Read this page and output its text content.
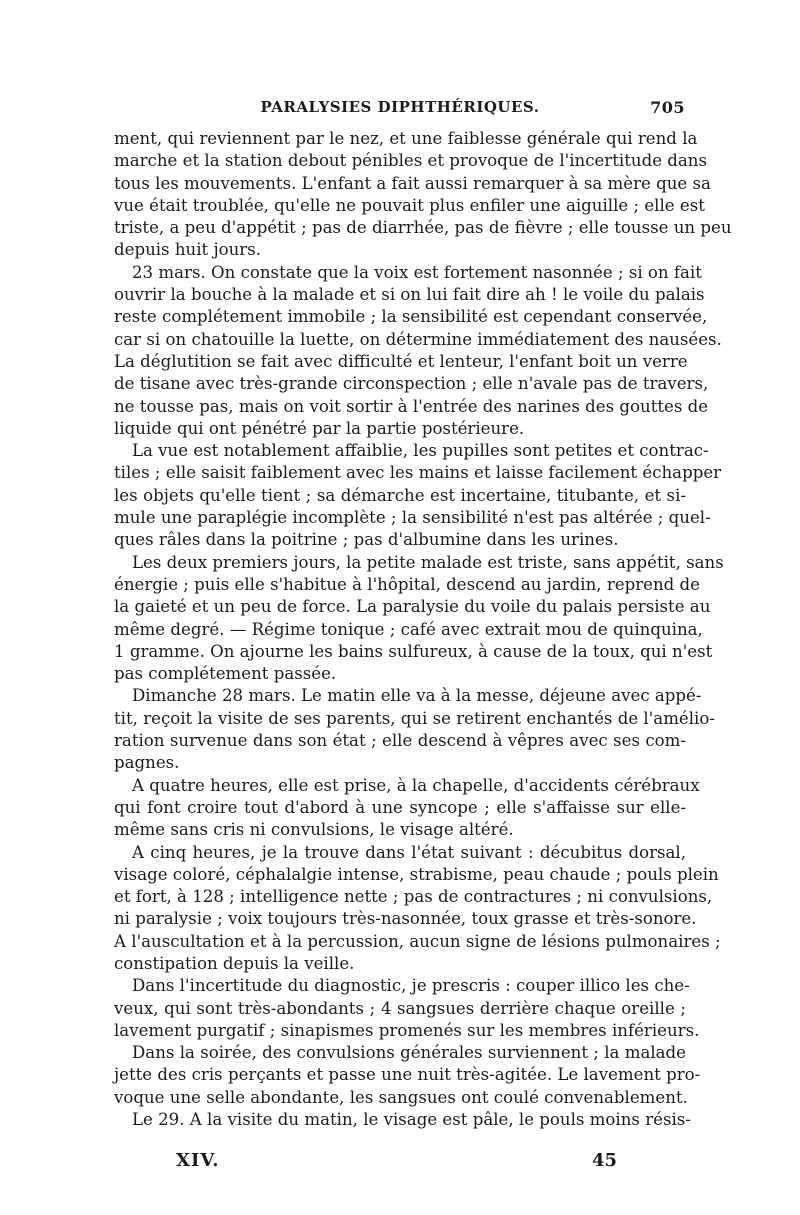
PARALYSIES DIPHTHÉRIQUES.	705
ment, qui reviennent par le nez, et une faiblesse générale qui rend la
marche et la station debout pénibles et provoque de l'incertitude dans
tous les mouvements. L'enfant a fait aussi remarquer à sa mère que sa
vue était troublée, qu'elle ne pouvait plus enfiler une aiguille ; elle est
triste, a peu d'appétit ; pas de diarrhée, pas de fièvre ; elle tousse un peu
depuis huit jours.
23 mars. On constate que la voix est fortement nasonnée ; si on fait
ouvrir la bouche à la malade et si on lui fait dire ah ! le voile du palais
reste complétement immobile ; la sensibilité est cependant conservée,
car si on chatouille la luette, on détermine immédiatement des nausées.
La déglutition se fait avec difficulté et lenteur, l'enfant boit un verre
de tisane avec très-grande circonspection ; elle n'avale pas de travers,
ne tousse pas, mais on voit sortir à l'entrée des narines des gouttes de
liquide qui ont pénétré par la partie postérieure.
La vue est notablement affaiblie, les pupilles sont petites et contrac-
tiles ; elle saisit faiblement avec les mains et laisse facilement échapper
les objets qu'elle tient ; sa démarche est incertaine, titubante, et si-
mule une paraplégie incomplète ; la sensibilité n'est pas altérée ; quel-
ques râles dans la poitrine ; pas d'albumine dans les urines.
Les deux premiers jours, la petite malade est triste, sans appétit, sans
énergie ; puis elle s'habitue à l'hôpital, descend au jardin, reprend de
la gaieté et un peu de force. La paralysie du voile du palais persiste au
même degré. — Régime tonique ; café avec extrait mou de quinquina,
1 gramme. On ajourne les bains sulfureux, à cause de la toux, qui n'est
pas complétement passée.
Dimanche 28 mars. Le matin elle va à la messe, déjeune avec appé-
tit, reçoit la visite de ses parents, qui se retirent enchantés de l'amélio-
ration survenue dans son état ; elle descend à vêpres avec ses com-
pagnes.
A quatre heures, elle est prise, à la chapelle, d'accidents cérébraux
qui font croire tout d'abord à une syncope ; elle s'affaisse sur elle-
même sans cris ni convulsions, le visage altéré.
A cinq heures, je la trouve dans l'état suivant : décubitus dorsal,
visage coloré, céphalalgie intense, strabisme, peau chaude ; pouls plein
et fort, à 128 ; intelligence nette ; pas de contractures ; ni convulsions,
ni paralysie ; voix toujours très-nasonnée, toux grasse et très-sonore.
A l'auscultation et à la percussion, aucun signe de lésions pulmonaires ;
constipation depuis la veille.
Dans l'incertitude du diagnostic, je prescris : couper illico les che-
veux, qui sont très-abondants ; 4 sangsues derrière chaque oreille ;
lavement purgatif ; sinapismes promenés sur les membres inférieurs.
Dans la soirée, des convulsions générales surviennent ; la malade
jette des cris perçants et passe une nuit très-agitée. Le lavement pro-
voque une selle abondante, les sangsues ont coulé convenablement.
Le 29. A la visite du matin, le visage est pâle, le pouls moins résis-
XIV.	45
